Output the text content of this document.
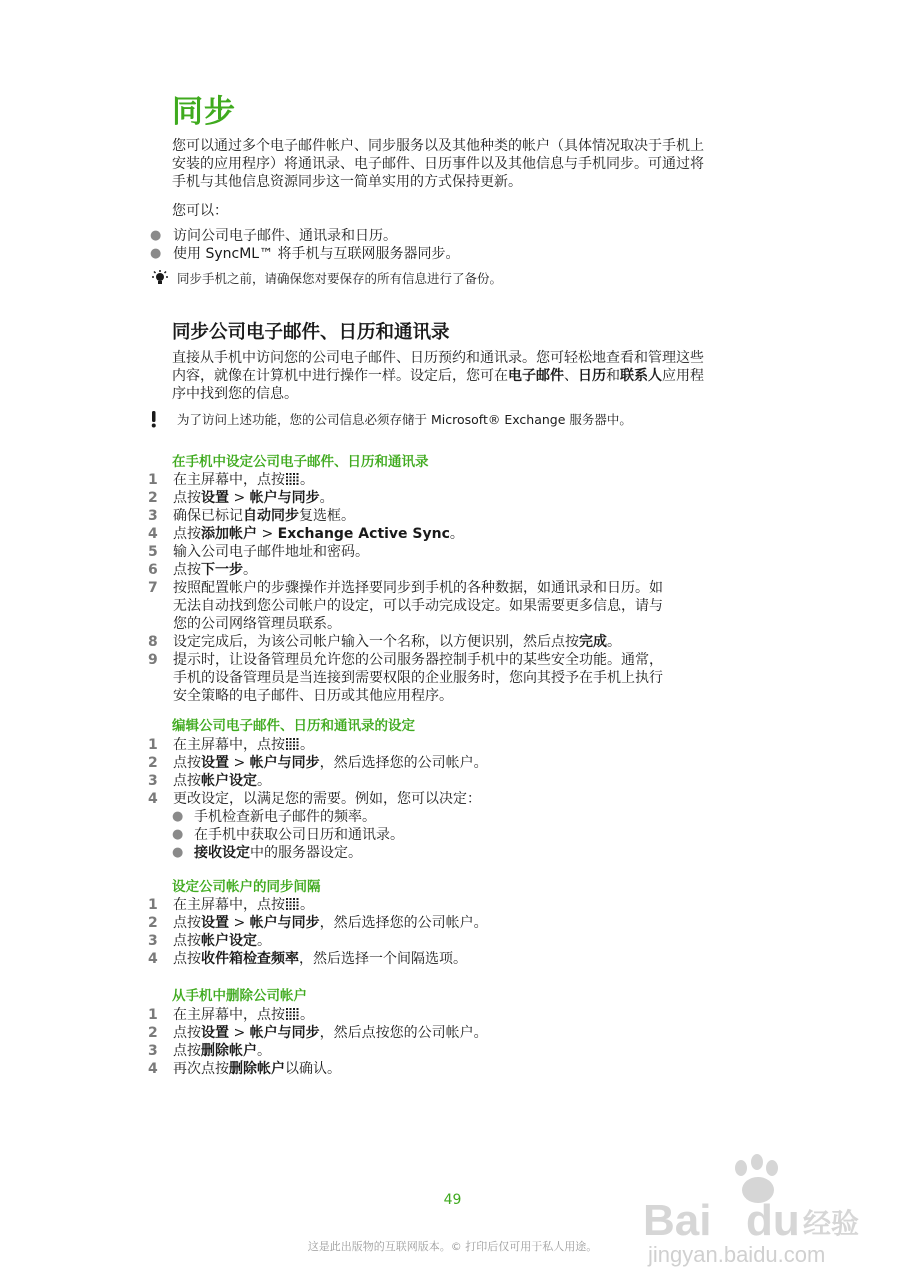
同步
您可以通过多个电子邮件帐户、同步服务以及其他种类的帐户（具体情况取决于手机上
安装的应用程序）将通讯录、电子邮件、日历事件以及其他信息与手机同步。可通过将
手机与其他信息资源同步这一简单实用的方式保持更新。
您可以：
● 访问公司电子邮件、通讯录和日历。
● 使用 SyncML™ 将手机与互联网服务器同步。
同步手机之前，请确保您对要保存的所有信息进行了备份。
同步公司电子邮件、日历和通讯录
直接从手机中访问您的公司电子邮件、日历预约和通讯录。您可轻松地查看和管理这些
内容，就像在计算机中进行操作一样。设定后，您可在电子邮件、日历和联系人应用程
序中找到您的信息。
为了访问上述功能，您的公司信息必须存储于 Microsoft® Exchange 服务器中。
在手机中设定公司电子邮件、日历和通讯录
1	在主屏幕中，点按 。
2	点按设置 > 帐户与同步。
3	确保已标记自动同步复选框。
4	点按添加帐户 > Exchange Active Sync。
5	输入公司电子邮件地址和密码。
6	点按下一步。
7	按照配置帐户的步骤操作并选择要同步到手机的各种数据，如通讯录和日历。如
无法自动找到您公司帐户的设定，可以手动完成设定。如果需要更多信息，请与
您的公司网络管理员联系。
8	设定完成后，为该公司帐户输入一个名称，以方便识别，然后点按完成。
9	提示时，让设备管理员允许您的公司服务器控制手机中的某些安全功能。通常，
手机的设备管理员是当连接到需要权限的企业服务时，您向其授予在手机上执行
安全策略的电子邮件、日历或其他应用程序。
编辑公司电子邮件、日历和通讯录的设定
1	在主屏幕中，点按 。
2	点按设置 > 帐户与同步，然后选择您的公司帐户。
3	点按帐户设定。
4	更改设定，以满足您的需要。例如，您可以决定：
● 手机检查新电子邮件的频率。
● 在手机中获取公司日历和通讯录。
● 接收设定中的服务器设定。
设定公司帐户的同步间隔
1	在主屏幕中，点按 。
2	点按设置 > 帐户与同步，然后选择您的公司帐户。
3	点按帐户设定。
4	点按收件箱检查频率，然后选择一个间隔选项。
从手机中删除公司帐户
1	在主屏幕中，点按 。
2	点按设置 > 帐户与同步，然后点按您的公司帐户。
3	点按删除帐户。
4	再次点按删除帐户以确认。
49
这是此出版物的互联网版本。© 打印后仅可用于私人用途。
Bai du 经验
jingyan.baidu.com
